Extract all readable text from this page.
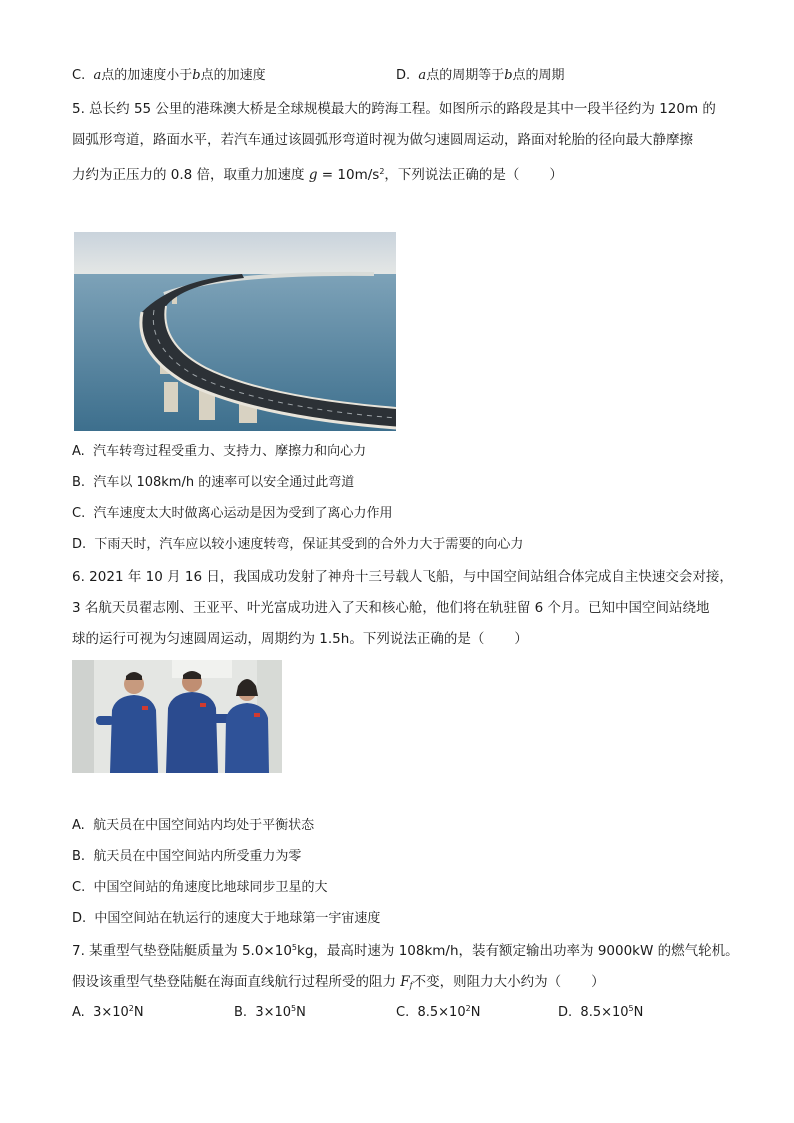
C. a点的加速度小于b点的加速度	D. a点的周期等于b点的周期
5. 总长约 55 公里的港珠澳大桥是全球规模最大的跨海工程。如图所示的路段是其中一段半径约为 120m 的
圆弧形弯道，路面水平，若汽车通过该圆弧形弯道时视为做匀速圆周运动，路面对轮胎的径向最大静摩擦
力约为正压力的 0.8 倍，取重力加速度 $g = 10m/s^2$，下列说法正确的是（ ）
A. 汽车转弯过程受重力、支持力、摩擦力和向心力
B. 汽车以 108km/h 的速率可以安全通过此弯道
C. 汽车速度太大时做离心运动是因为受到了离心力作用
D. 下雨天时，汽车应以较小速度转弯，保证其受到的合外力大于需要的向心力
6. 2021 年 10 月 16 日，我国成功发射了神舟十三号载人飞船，与中国空间站组合体完成自主快速交会对接，
3 名航天员翟志刚、王亚平、叶光富成功进入了天和核心舱，他们将在轨驻留 6 个月。已知中国空间站绕地
球的运行可视为匀速圆周运动，周期约为 1.5h。下列说法正确的是（ ）
A. 航天员在中国空间站内均处于平衡状态
B. 航天员在中国空间站内所受重力为零
C. 中国空间站的角速度比地球同步卫星的大
D. 中国空间站在轨运行的速度大于地球第一宇宙速度
7. 某重型气垫登陆艇质量为 $5.0\times 10^5kg$，最高时速为 108km/h，装有额定输出功率为 9000kW 的燃气轮机。
假设该重型气垫登陆艇在海面直线航行过程所受的阻力 $F_f$不变，则阻力大小约为（ ）
A. $3\times 10^2N$	B. $3\times 10^5N$	C. $8.5\times 10^2N$	D. $8.5\times 10^5N$
